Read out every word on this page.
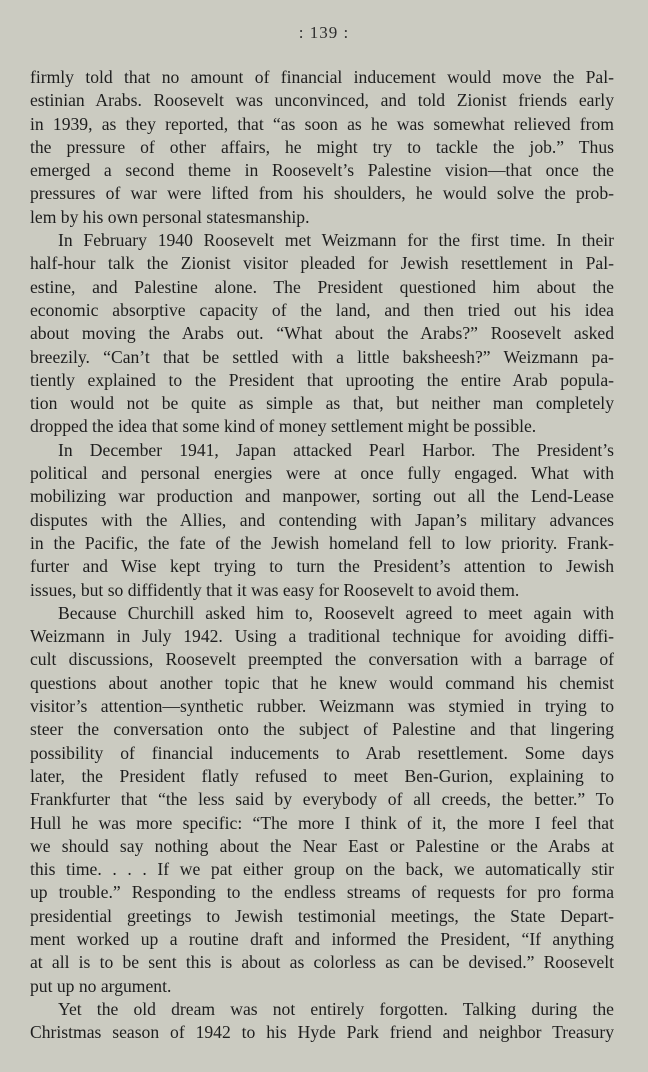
: 139 :
firmly told that no amount of financial inducement would move the Pal-
estinian Arabs. Roosevelt was unconvinced, and told Zionist friends early
in 1939, as they reported, that “as soon as he was somewhat relieved from
the pressure of other affairs, he might try to tackle the job.” Thus
emerged a second theme in Roosevelt’s Palestine vision—that once the
pressures of war were lifted from his shoulders, he would solve the prob-
lem by his own personal statesmanship.
In February 1940 Roosevelt met Weizmann for the first time. In their
half-hour talk the Zionist visitor pleaded for Jewish resettlement in Pal-
estine, and Palestine alone. The President questioned him about the
economic absorptive capacity of the land, and then tried out his idea
about moving the Arabs out. “What about the Arabs?” Roosevelt asked
breezily. “Can’t that be settled with a little baksheesh?” Weizmann pa-
tiently explained to the President that uprooting the entire Arab popula-
tion would not be quite as simple as that, but neither man completely
dropped the idea that some kind of money settlement might be possible.
In December 1941, Japan attacked Pearl Harbor. The President’s
political and personal energies were at once fully engaged. What with
mobilizing war production and manpower, sorting out all the Lend-Lease
disputes with the Allies, and contending with Japan’s military advances
in the Pacific, the fate of the Jewish homeland fell to low priority. Frank-
furter and Wise kept trying to turn the President’s attention to Jewish
issues, but so diffidently that it was easy for Roosevelt to avoid them.
Because Churchill asked him to, Roosevelt agreed to meet again with
Weizmann in July 1942. Using a traditional technique for avoiding diffi-
cult discussions, Roosevelt preempted the conversation with a barrage of
questions about another topic that he knew would command his chemist
visitor’s attention—synthetic rubber. Weizmann was stymied in trying to
steer the conversation onto the subject of Palestine and that lingering
possibility of financial inducements to Arab resettlement. Some days
later, the President flatly refused to meet Ben-Gurion, explaining to
Frankfurter that “the less said by everybody of all creeds, the better.” To
Hull he was more specific: “The more I think of it, the more I feel that
we should say nothing about the Near East or Palestine or the Arabs at
this time. . . . If we pat either group on the back, we automatically stir
up trouble.” Responding to the endless streams of requests for pro forma
presidential greetings to Jewish testimonial meetings, the State Depart-
ment worked up a routine draft and informed the President, “If anything
at all is to be sent this is about as colorless as can be devised.” Roosevelt
put up no argument.
Yet the old dream was not entirely forgotten. Talking during the
Christmas season of 1942 to his Hyde Park friend and neighbor Treasury
